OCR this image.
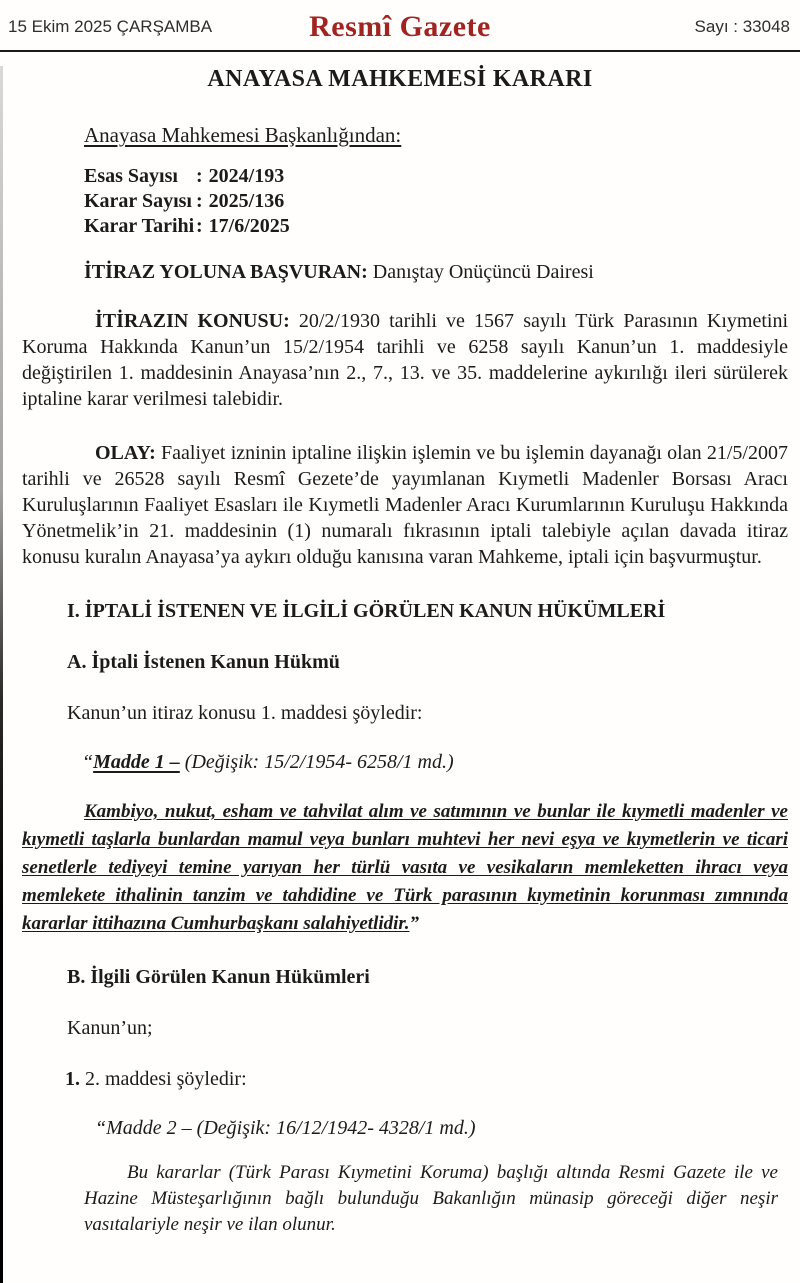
15 Ekim 2025 ÇARŞAMBA	Resmî Gazete	Sayı : 33048
ANAYASA MAHKEMESİ KARARI
Anayasa Mahkemesi Başkanlığından:
Esas Sayısı : 2024/193
Karar Sayısı : 2025/136
Karar Tarihi: 17/6/2025
İTİRAZ YOLUNA BAŞVURAN: Danıştay Onüçüncü Dairesi

İTİRAZIN KONUSU: 20/2/1930 tarihli ve 1567 sayılı Türk Parasının Kıymetini Koruma Hakkında Kanun’un 15/2/1954 tarihli ve 6258 sayılı Kanun’un 1. maddesiyle değiştirilen 1. maddesinin Anayasa’nın 2., 7., 13. ve 35. maddelerine aykırılığı ileri sürülerek iptaline karar verilmesi talebidir.

OLAY: Faaliyet izninin iptaline ilişkin işlemin ve bu işlemin dayanağı olan 21/5/2007 tarihli ve 26528 sayılı Resmî Gezete’de yayımlanan Kıymetli Madenler Borsası Aracı Kuruluşlarının Faaliyet Esasları ile Kıymetli Madenler Aracı Kurumlarının Kuruluşu Hakkında Yönetmelik’in 21. maddesinin (1) numaralı fıkrasının iptali talebiyle açılan davada itiraz konusu kuralın Anayasa’ya aykırı olduğu kanısına varan Mahkeme, iptali için başvurmuştur.

I. İPTALİ İSTENEN VE İLGİLİ GÖRÜLEN KANUN HÜKÜMLERİ
A. İptali İstenen Kanun Hükmü
Kanun’un itiraz konusu 1. maddesi şöyledir:
“Madde 1 – (Değişik: 15/2/1954- 6258/1 md.)

Kambiyo, nukut, esham ve tahvilat alım ve satımının ve bunlar ile kıymetli madenler ve kıymetli taşlarla bunlardan mamul veya bunları muhtevi her nevi eşya ve kıymetlerin ve ticari senetlerle tediyeyi temine yarıyan her türlü vasıta ve vesikaların memleketten ihracı veya memlekete ithalinin tanzim ve tahdidine ve Türk parasının kıymetinin korunması zımnında kararlar ittihazına Cumhurbaşkanı salahiyetlidir.”

B. İlgili Görülen Kanun Hükümleri
Kanun’un;
1. 2. maddesi şöyledir:
“Madde 2 – (Değişik: 16/12/1942- 4328/1 md.)

Bu kararlar (Türk Parası Kıymetini Koruma) başlığı altında Resmi Gazete ile ve Hazine Müsteşarlığının bağlı bulunduğu Bakanlığın münasip göreceği diğer neşir vasıtalariyle neşir ve ilan olunur.
